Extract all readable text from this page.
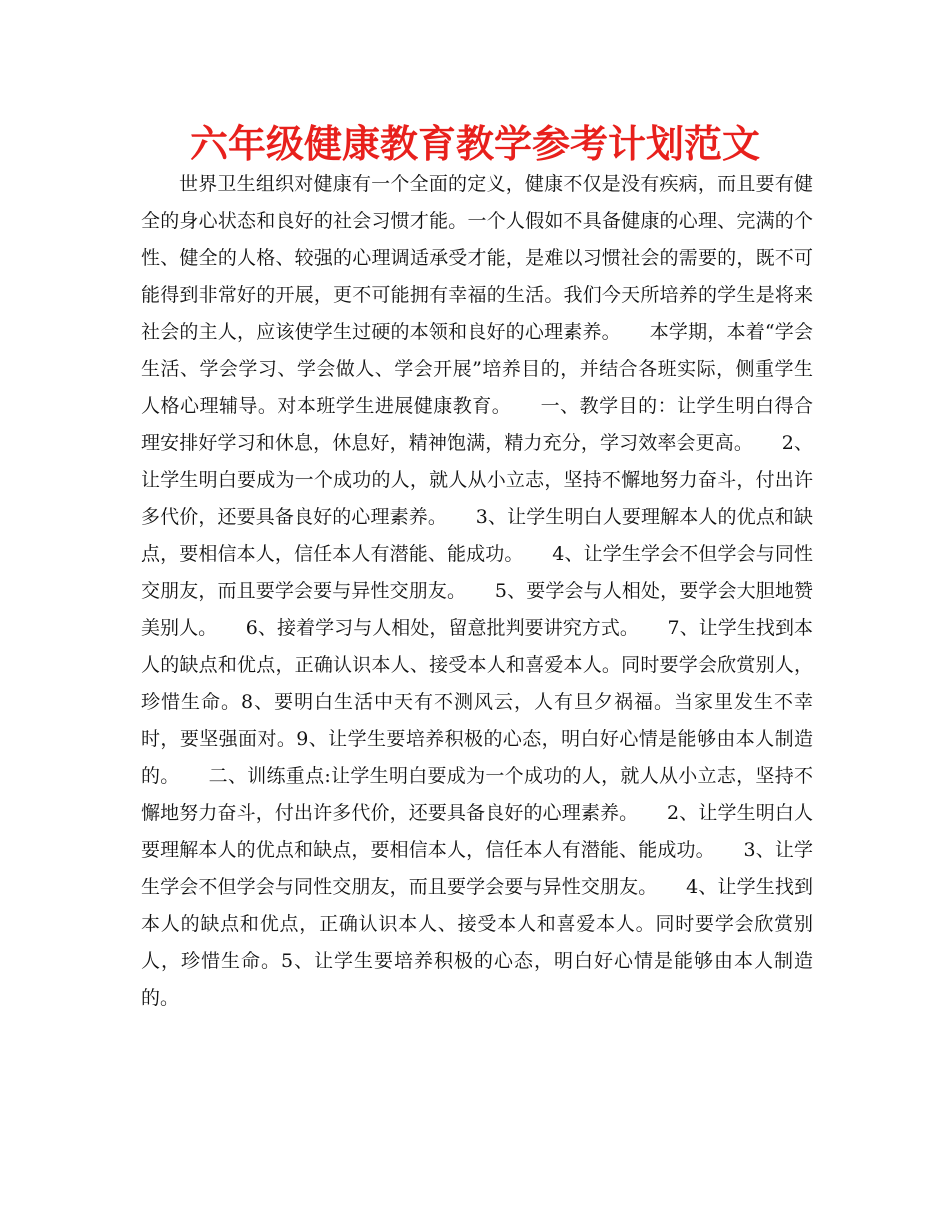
六年级健康教育教学参考计划范文

世界卫生组织对健康有一个全面的定义，健康不仅是没有疾病，而且要有健全的身心状态和良好的社会习惯才能。一个人假如不具备健康的心理、完满的个性、健全的人格、较强的心理调适承受才能，是难以习惯社会的需要的，既不可能得到非常好的开展，更不可能拥有幸福的生活。我们今天所培养的学生是将来社会的主人，应该使学生过硬的本领和良好的心理素养。　　本学期，本着“学会生活、学会学习、学会做人、学会开展”培养目的，并结合各班实际，侧重学生人格心理辅导。对本班学生进展健康教育。　　一、教学目的：让学生明白得合理安排好学习和休息，休息好，精神饱满，精力充分，学习效率会更高。　　2、让学生明白要成为一个成功的人，就人从小立志，坚持不懈地努力奋斗，付出许多代价，还要具备良好的心理素养。　　3、让学生明白人要理解本人的优点和缺点，要相信本人，信任本人有潜能、能成功。　　4、让学生学会不但学会与同性交朋友，而且要学会要与异性交朋友。　　5、要学会与人相处，要学会大胆地赞美别人。　　6、接着学习与人相处，留意批判要讲究方式。　　7、让学生找到本人的缺点和优点，正确认识本人、接受本人和喜爱本人。同时要学会欣赏别人，珍惜生命。8、要明白生活中天有不测风云，人有旦夕祸福。当家里发生不幸时，要坚强面对。9、让学生要培养积极的心态，明白好心情是能够由本人制造的。　　二、训练重点:让学生明白要成为一个成功的人，就人从小立志，坚持不懈地努力奋斗，付出许多代价，还要具备良好的心理素养。　　2、让学生明白人要理解本人的优点和缺点，要相信本人，信任本人有潜能、能成功。　　3、让学生学会不但学会与同性交朋友，而且要学会要与异性交朋友。　　4、让学生找到本人的缺点和优点，正确认识本人、接受本人和喜爱本人。同时要学会欣赏别人，珍惜生命。5、让学生要培养积极的心态，明白好心情是能够由本人制造的。
